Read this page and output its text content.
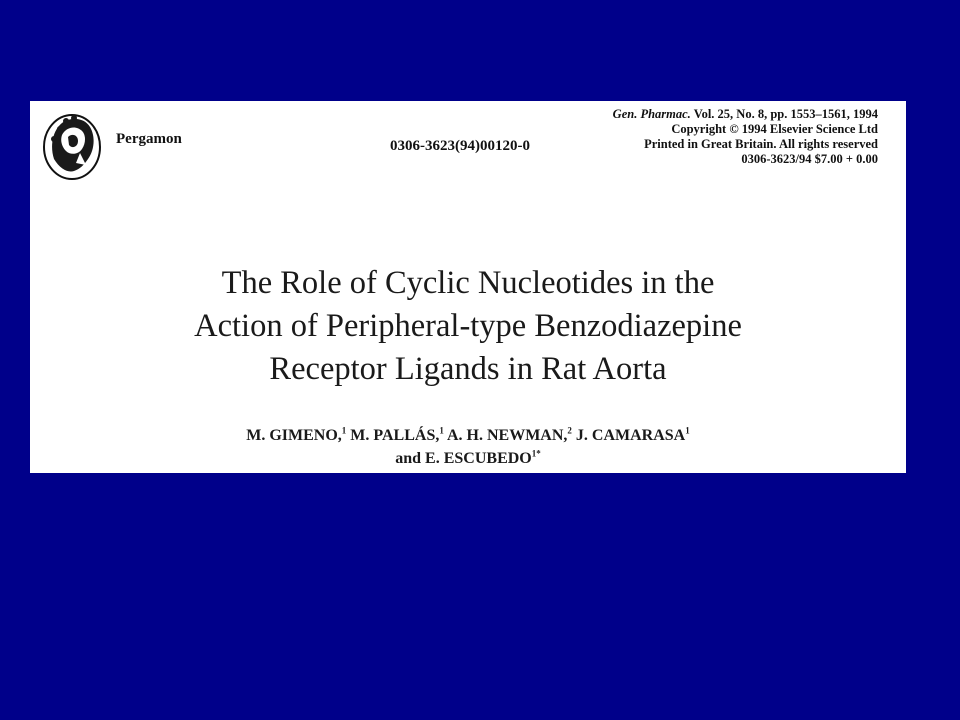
Pergamon	0306-3623(94)00120-0
Gen. Pharmac. Vol. 25, No. 8, pp. 1553–1561, 1994
Copyright © 1994 Elsevier Science Ltd
Printed in Great Britain. All rights reserved
0306-3623/94 $7.00 + 0.00
The Role of Cyclic Nucleotides in the
Action of Peripheral-type Benzodiazepine
Receptor Ligands in Rat Aorta
M. GIMENO,$^1$ M. PALLÁS,$^1$ A. H. NEWMAN,$^2$ J. CAMARASA$^1$
and E. $ESCUBEDO^{1*}$
